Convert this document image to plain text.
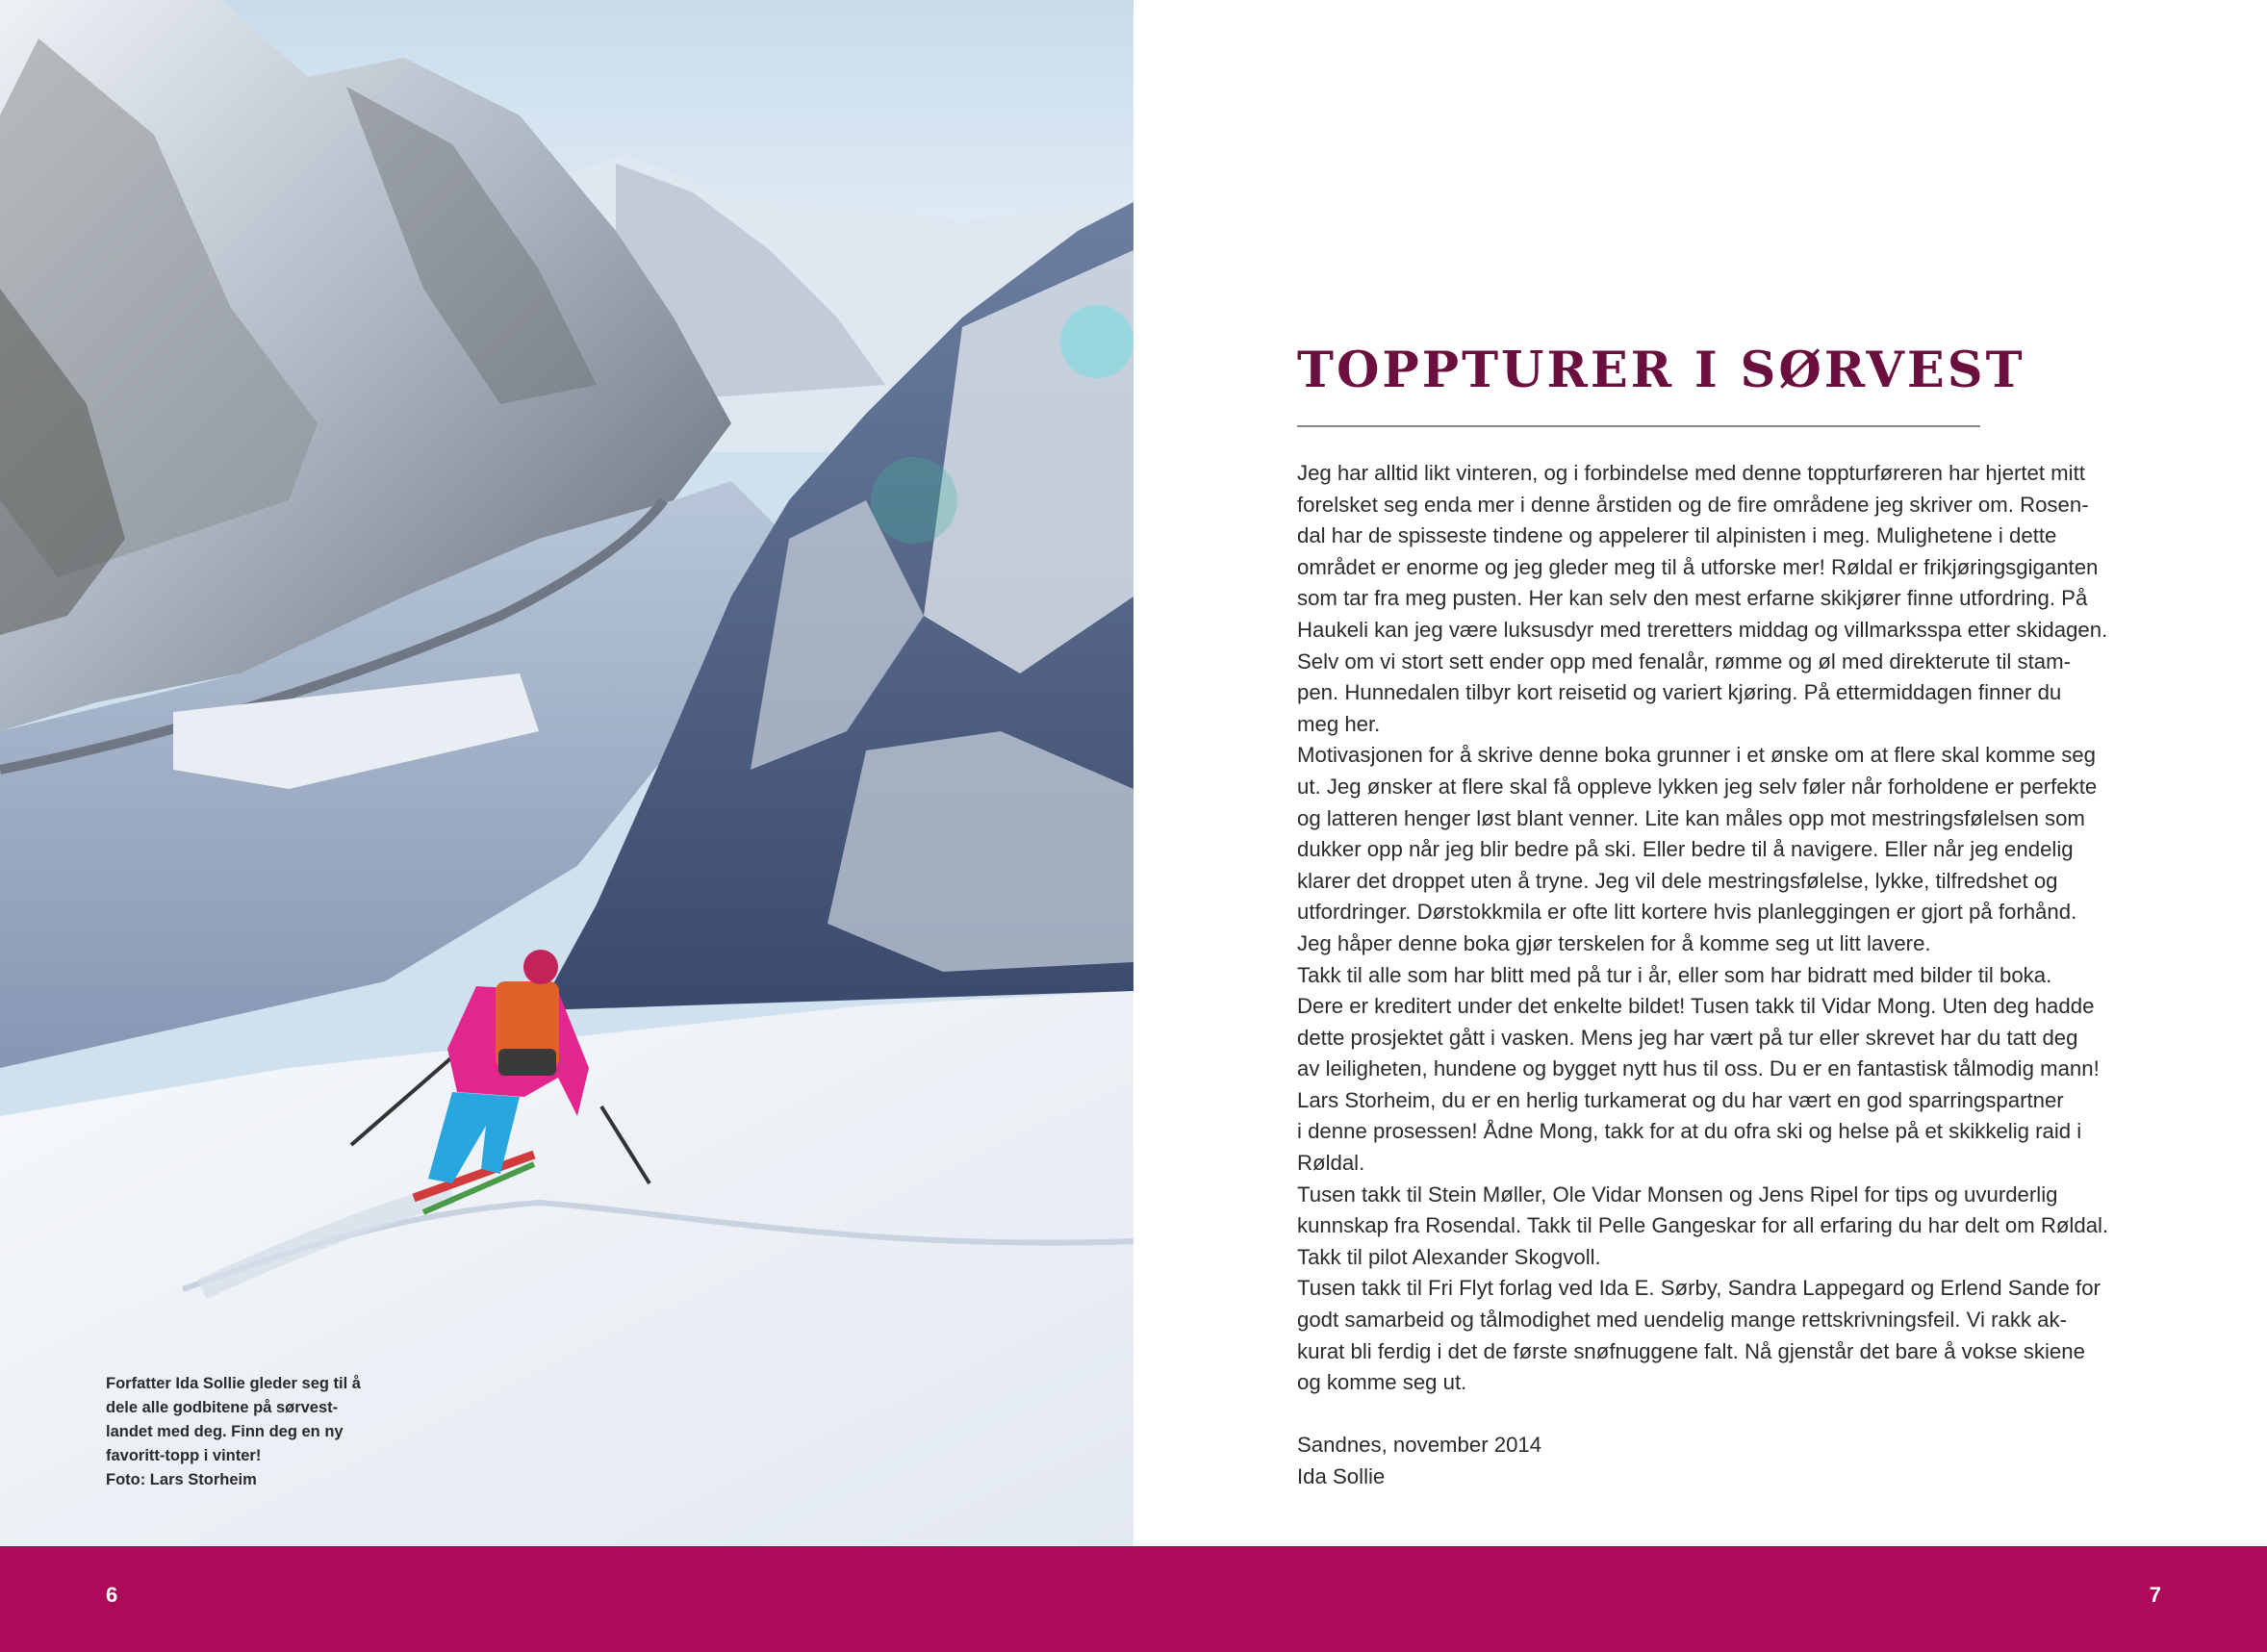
Forfatter Ida Sollie gleder seg til å
dele alle godbitene på sørvest-
landet med deg. Finn deg en ny
favoritt-topp i vinter!
Foto: Lars Storheim
TOPPTURER I SØRVEST
Jeg har alltid likt vinteren, og i forbindelse med denne toppturføreren har hjertet mitt
forelsket seg enda mer i denne årstiden og de fire områdene jeg skriver om. Rosen-
dal har de spisseste tindene og appelerer til alpinisten i meg. Mulighetene i dette
området er enorme og jeg gleder meg til å utforske mer! Røldal er frikjøringsgiganten
som tar fra meg pusten. Her kan selv den mest erfarne skikjører finne utfordring. På
Haukeli kan jeg være luksusdyr med treretters middag og villmarksspa etter skidagen.
Selv om vi stort sett ender opp med fenalår, rømme og øl med direkterute til stam-
pen. Hunnedalen tilbyr kort reisetid og variert kjøring. På ettermiddagen finner du
meg her.
Motivasjonen for å skrive denne boka grunner i et ønske om at flere skal komme seg
ut. Jeg ønsker at flere skal få oppleve lykken jeg selv føler når forholdene er perfekte
og latteren henger løst blant venner. Lite kan måles opp mot mestringsfølelsen som
dukker opp når jeg blir bedre på ski. Eller bedre til å navigere. Eller når jeg endelig
klarer det droppet uten å tryne. Jeg vil dele mestringsfølelse, lykke, tilfredshet og
utfordringer. Dørstokkmila er ofte litt kortere hvis planleggingen er gjort på forhånd.
Jeg håper denne boka gjør terskelen for å komme seg ut litt lavere.
Takk til alle som har blitt med på tur i år, eller som har bidratt med bilder til boka.
Dere er kreditert under det enkelte bildet! Tusen takk til Vidar Mong. Uten deg hadde
dette prosjektet gått i vasken. Mens jeg har vært på tur eller skrevet har du tatt deg
av leiligheten, hundene og bygget nytt hus til oss. Du er en fantastisk tålmodig mann!
Lars Storheim, du er en herlig turkamerat og du har vært en god sparringspartner
i denne prosessen! Ådne Mong, takk for at du ofra ski og helse på et skikkelig raid i
Røldal.
Tusen takk til Stein Møller, Ole Vidar Monsen og Jens Ripel for tips og uvurderlig
kunnskap fra Rosendal. Takk til Pelle Gangeskar for all erfaring du har delt om Røldal.
Takk til pilot Alexander Skogvoll.
Tusen takk til Fri Flyt forlag ved Ida E. Sørby, Sandra Lappegard og Erlend Sande for
godt samarbeid og tålmodighet med uendelig mange rettskrivningsfeil. Vi rakk ak-
kurat bli ferdig i det de første snøfnuggene falt. Nå gjenstår det bare å vokse skiene
og komme seg ut.
Sandnes, november 2014
Ida Sollie
6	7
